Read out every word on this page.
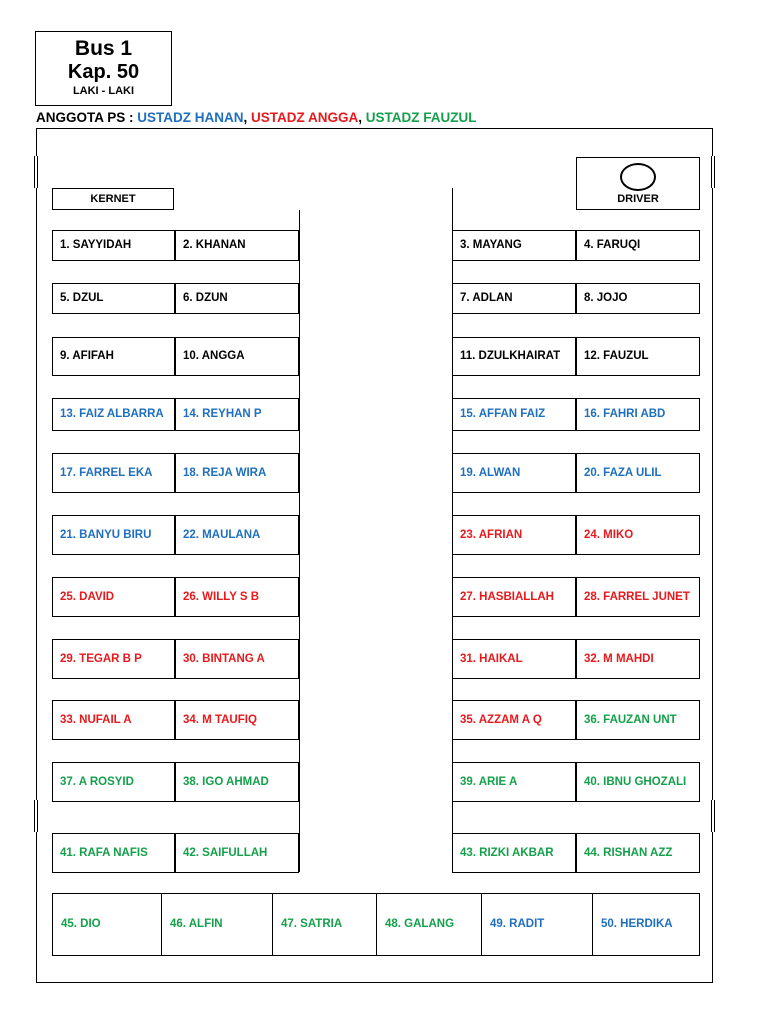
Bus 1
Kap. 50
LAKI - LAKI
ANGGOTA PS : USTADZ HANAN, USTADZ ANGGA, USTADZ FAUZUL
KERNET	DRIVER
1. SAYYIDAH	2. KHANAN	3. MAYANG	4. FARUQI
5. DZUL	6. DZUN	7. ADLAN	8. JOJO
9. AFIFAH	10. ANGGA	11. DZULKHAIRAT	12. FAUZUL
13. FAIZ ALBARRA	14. REYHAN P	15. AFFAN FAIZ	16. FAHRI ABD
17. FARREL EKA	18. REJA WIRA	19. ALWAN	20. FAZA ULIL
21. BANYU BIRU	22. MAULANA	23. AFRIAN	24. MIKO
25. DAVID	26. WILLY S B	27. HASBIALLAH	28. FARREL JUNET
29. TEGAR B P	30. BINTANG A	31. HAIKAL	32. M MAHDI
33. NUFAIL A	34. M TAUFIQ	35. AZZAM A Q	36. FAUZAN UNT
37. A ROSYID	38. IGO AHMAD	39. ARIE A	40. IBNU GHOZALI
41. RAFA NAFIS	42. SAIFULLAH	43. RIZKI AKBAR	44. RISHAN AZZ
45. DIO	46. ALFIN	47. SATRIA	48. GALANG	49. RADIT	50. HERDIKA
